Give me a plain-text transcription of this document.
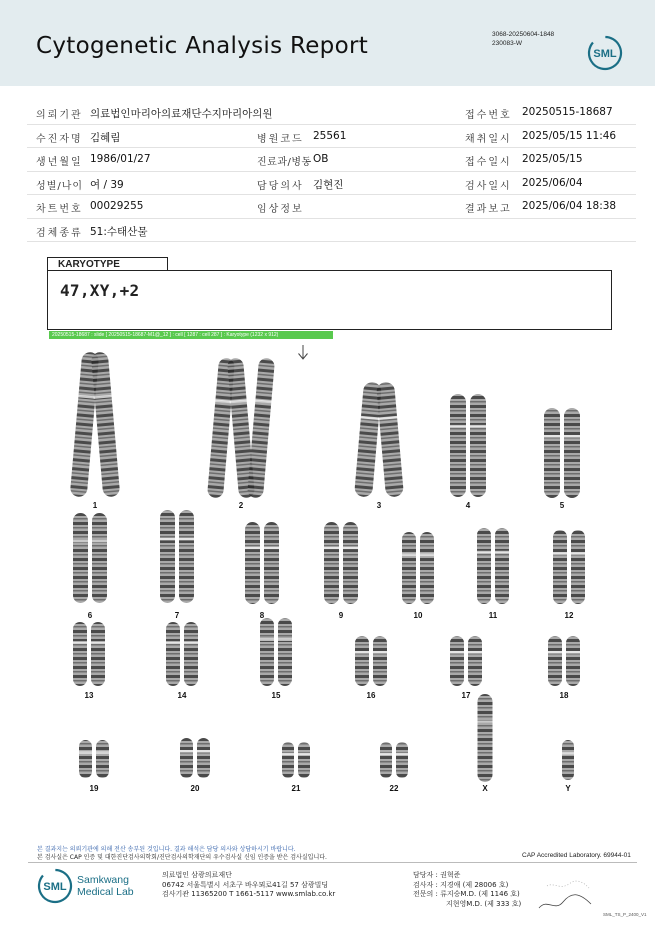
Cytogenetic Analysis Report	3068-20250604-1848
230083-W
SML
의뢰기관 의료법인마리아의료재단수지마리아의원	접수번호 20250515-18687
수진자명 김혜림	병원코드 25561	채취일시 2025/05/15 11:46
생년월일 1986/01/27	진료과/병동 OB	접수일시 2025/05/15
성별/나이 여 / 39	담당의사 김현진	검사일시 2025/06/04
차트번호 00029255	임상정보	결과보고 2025/06/04 18:38
검체종류 51:수태산물
KARYOTYPE
47,XY,+2
20250515-18687 : slide [ 20250515-18687-M1@_12 ] : cell [ 1287 : cell 287 ] : Karyotype (1232 x 912)
1	2	3	4	5
6	7	8	9	10	11	12
13	14	15	16	17	18
19	20	21	22	X	Y
본 결과지는 의뢰기관에 의해 전산 송부된 것입니다. 결과 해석은 담당 의사와 상담하시기 바랍니다.
본 검사실은 CAP 인증 및 대한진단검사의학회/진단검사의학재단의 우수검사실 신임 인증을 받은 검사실입니다.	CAP Accredited Laboratory. 69944-01
SML
Samkwang
Medical Lab
의료법인 삼광의료재단
06742 서울특별시 서초구 바우뫼로41길 57 삼광빌딩
검사기관 11365200 T 1661-5117 www.smlab.co.kr
담당자 : 권혁준
검사자 : 지경애 (제 28006 호)
전문의 : 류지승M.D. (제 1146 호)
지현영M.D. (제 333 호)
SML_TS_P_2400_V1
